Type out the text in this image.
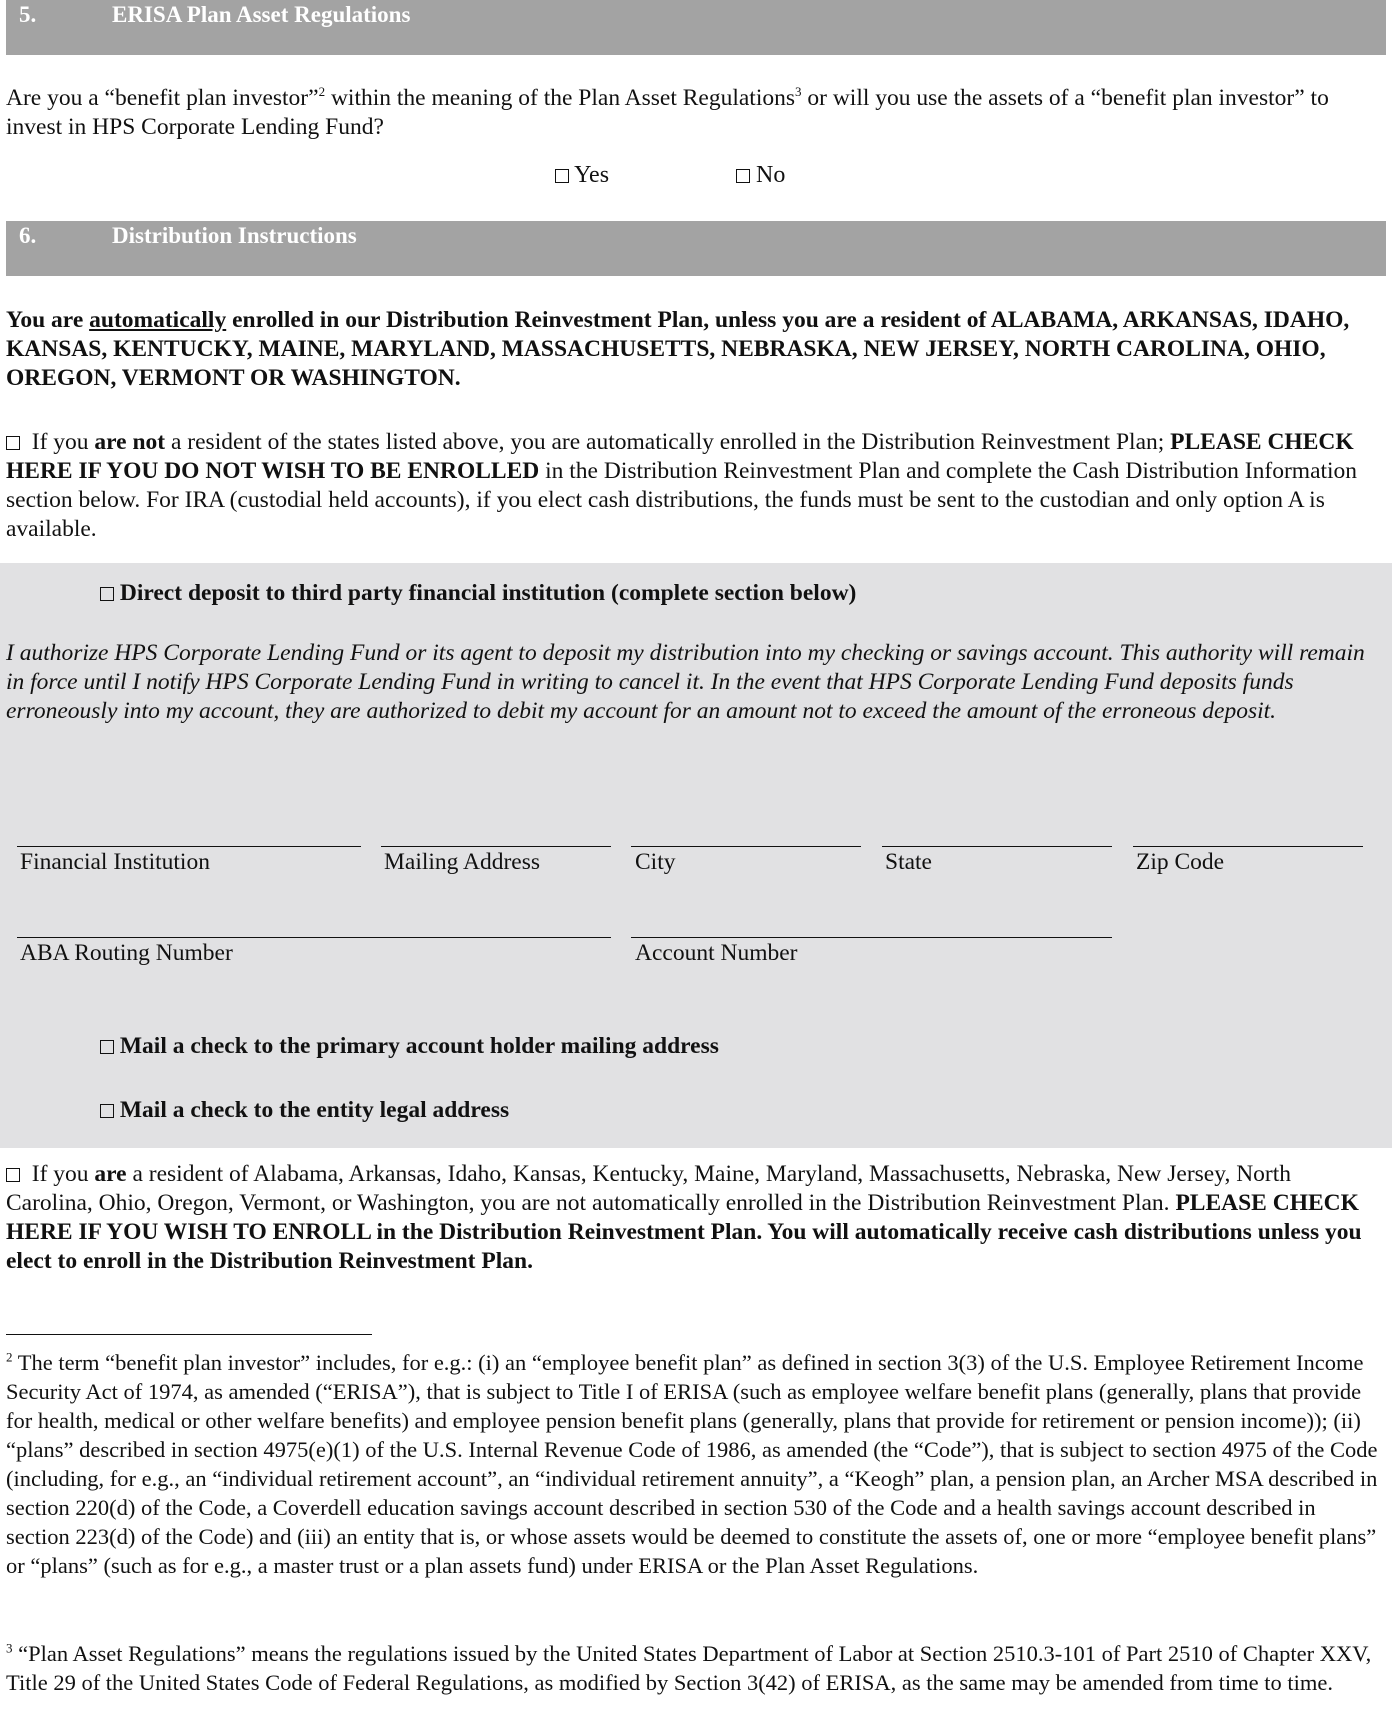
5.	ERISA Plan Asset Regulations
Are you a “benefit plan investor”$^2$ within the meaning of the Plan Asset Regulations$^3$ or will you use the assets of a “benefit plan investor” to invest in HPS Corporate Lending Fund?
Yes	No
6.	Distribution Instructions
You are automatically enrolled in our Distribution Reinvestment Plan, unless you are a resident of ALABAMA, ARKANSAS, IDAHO, KANSAS, KENTUCKY, MAINE, MARYLAND, MASSACHUSETTS, NEBRASKA, NEW JERSEY, NORTH CAROLINA, OHIO, OREGON, VERMONT OR WASHINGTON.
If you are not a resident of the states listed above, you are automatically enrolled in the Distribution Reinvestment Plan; PLEASE CHECK HERE IF YOU DO NOT WISH TO BE ENROLLED in the Distribution Reinvestment Plan and complete the Cash Distribution Information section below. For IRA (custodial held accounts), if you elect cash distributions, the funds must be sent to the custodian and only option A is available.
Direct deposit to third party financial institution (complete section below)
I authorize HPS Corporate Lending Fund or its agent to deposit my distribution into my checking or savings account. This authority will remain in force until I notify HPS Corporate Lending Fund in writing to cancel it. In the event that HPS Corporate Lending Fund deposits funds erroneously into my account, they are authorized to debit my account for an amount not to exceed the amount of the erroneous deposit.
Financial Institution	Mailing Address	City	State	Zip Code
ABA Routing Number	Account Number
Mail a check to the primary account holder mailing address
Mail a check to the entity legal address
If you are a resident of Alabama, Arkansas, Idaho, Kansas, Kentucky, Maine, Maryland, Massachusetts, Nebraska, New Jersey, North Carolina, Ohio, Oregon, Vermont, or Washington, you are not automatically enrolled in the Distribution Reinvestment Plan. PLEASE CHECK HERE IF YOU WISH TO ENROLL in the Distribution Reinvestment Plan. You will automatically receive cash distributions unless you elect to enroll in the Distribution Reinvestment Plan.
$^2$ The term “benefit plan investor” includes, for e.g.: (i) an “employee benefit plan” as defined in section 3(3) of the U.S. Employee Retirement Income Security Act of 1974, as amended (“ERISA”), that is subject to Title I of ERISA (such as employee welfare benefit plans (generally, plans that provide for health, medical or other welfare benefits) and employee pension benefit plans (generally, plans that provide for retirement or pension income)); (ii) “plans” described in section 4975(e)(1) of the U.S. Internal Revenue Code of 1986, as amended (the “Code”), that is subject to section 4975 of the Code (including, for e.g., an “individual retirement account”, an “individual retirement annuity”, a “Keogh” plan, a pension plan, an Archer MSA described in section 220(d) of the Code, a Coverdell education savings account described in section 530 of the Code and a health savings account described in section 223(d) of the Code) and (iii) an entity that is, or whose assets would be deemed to constitute the assets of, one or more “employee benefit plans” or “plans” (such as for e.g., a master trust or a plan assets fund) under ERISA or the Plan Asset Regulations.
$^3$ “Plan Asset Regulations” means the regulations issued by the United States Department of Labor at Section 2510.3-101 of Part 2510 of Chapter XXV, Title 29 of the United States Code of Federal Regulations, as modified by Section 3(42) of ERISA, as the same may be amended from time to time.
